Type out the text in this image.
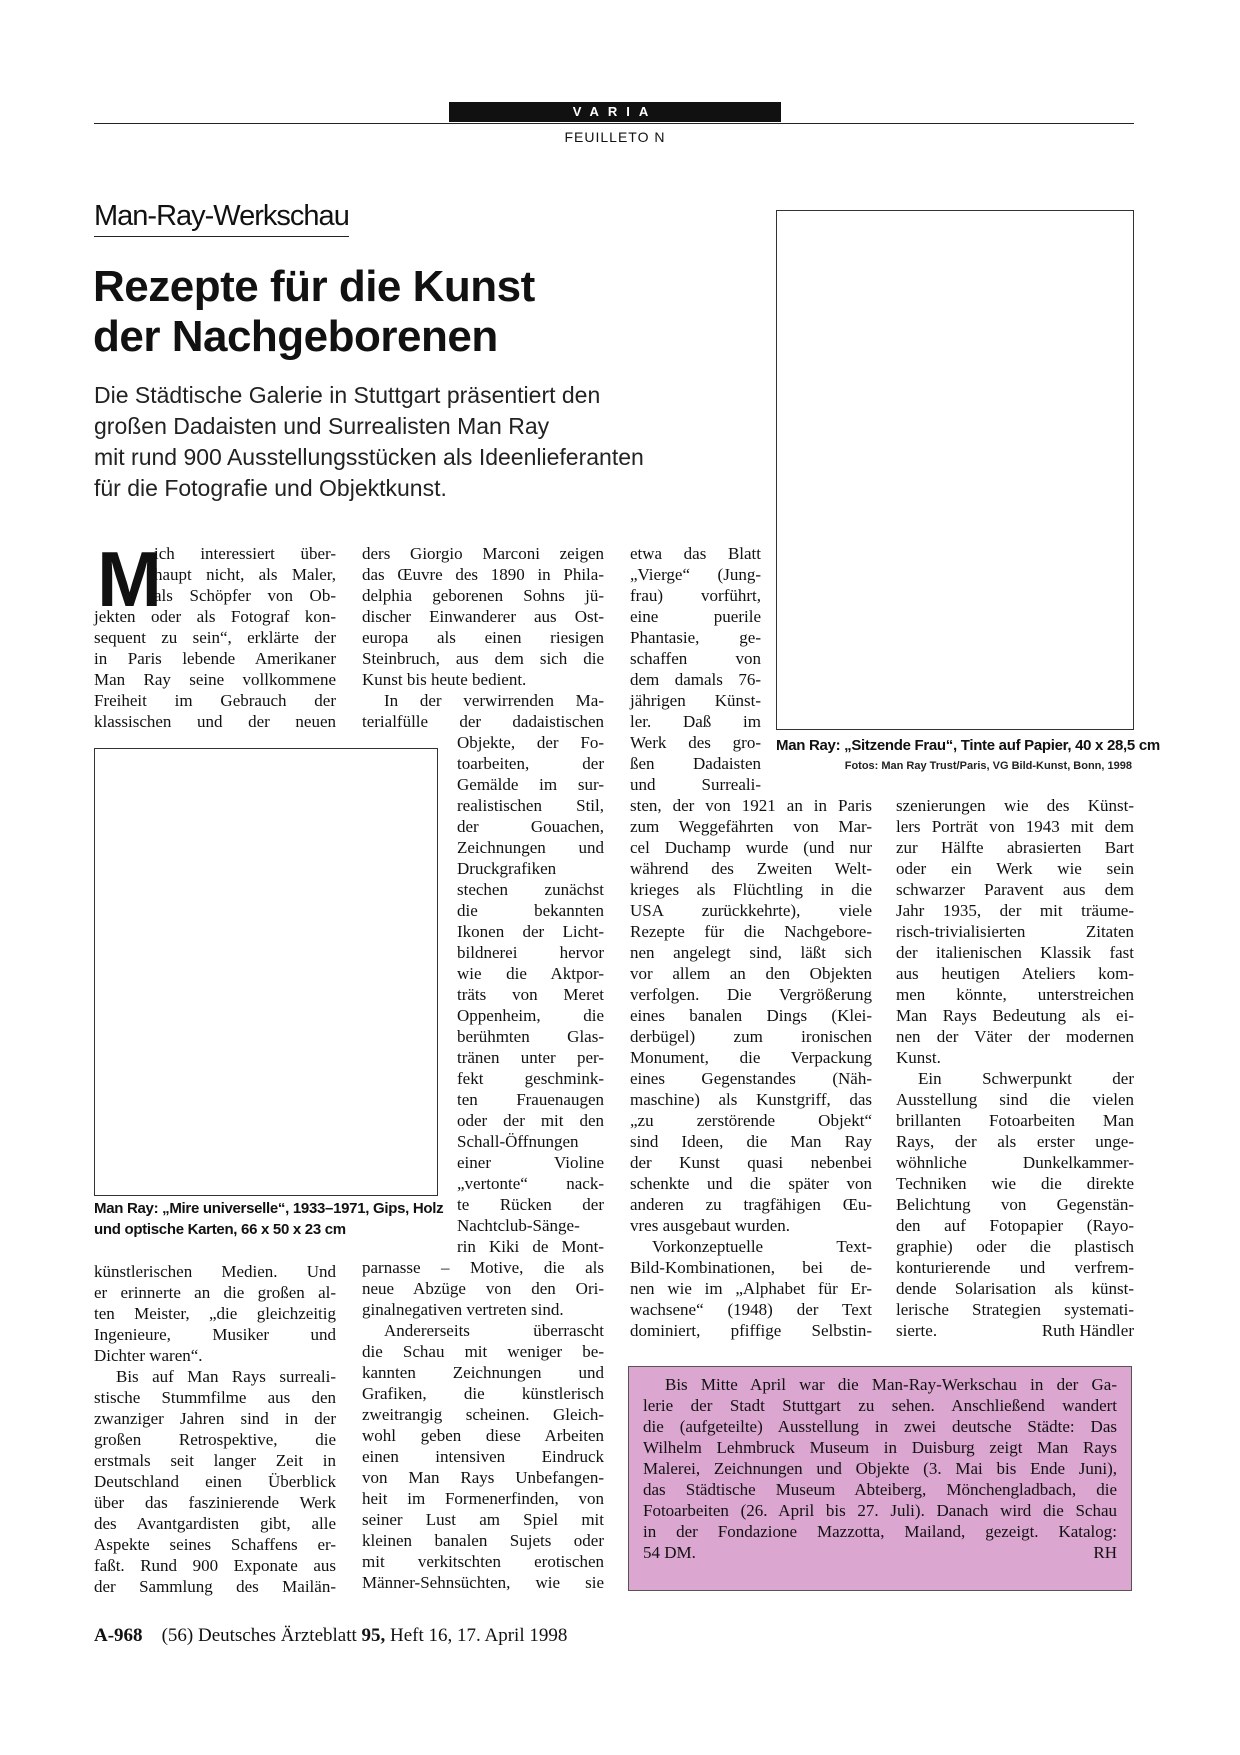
VARIA
FEUILLETO N
Man-Ray-Werkschau
Rezepte für die Kunst
der Nachgeborenen

Die Städtische Galerie in Stuttgart präsentiert den
großen Dadaisten und Surrealisten Man Ray
mit rund 900 Ausstellungsstücken als Ideenlieferanten
für die Fotografie und Objektkunst.

Man Ray: „Sitzende Frau“, Tinte auf Papier, 40 x 28,5 cm
Fotos: Man Ray Trust/Paris, VG Bild-Kunst, Bonn, 1998
Man Ray: „Mire universelle“, 1933–1971, Gips, Holz
und optische Karten, 66 x 50 x 23 cm
M
ich interessiert über-
haupt nicht, als Maler,
als Schöpfer von Ob-
jekten oder als Fotograf kon-
sequent zu sein“, erklärte der
in Paris lebende Amerikaner
Man Ray seine vollkommene
Freiheit im Gebrauch der
klassischen und der neuen
künstlerischen Medien. Und
er erinnerte an die großen al-
ten Meister, „die gleichzeitig
Ingenieure, Musiker und
Dichter waren“.
Bis auf Man Rays surreali-
stische Stummfilme aus den
zwanziger Jahren sind in der
großen Retrospektive, die
erstmals seit langer Zeit in
Deutschland einen Überblick
über das faszinierende Werk
des Avantgardisten gibt, alle
Aspekte seines Schaffens er-
faßt. Rund 900 Exponate aus
der Sammlung des Mailän-
ders Giorgio Marconi zeigen
das Œuvre des 1890 in Phila-
delphia geborenen Sohns jü-
discher Einwanderer aus Ost-
europa als einen riesigen
Steinbruch, aus dem sich die
Kunst bis heute bedient.
In der verwirrenden Ma-
terialfülle der dadaistischen
Objekte, der Fo-
toarbeiten, der
Gemälde im sur-
realistischen Stil,
der Gouachen,
Zeichnungen und
Druckgrafiken
stechen zunächst
die bekannten
Ikonen der Licht-
bildnerei hervor
wie die Aktpor-
träts von Meret
Oppenheim, die
berühmten Glas-
tränen unter per-
fekt geschmink-
ten Frauenaugen
oder der mit den
Schall-Öffnungen
einer Violine
„vertonte“ nack-
te Rücken der
Nachtclub-Sänge-
rin Kiki de Mont-
parnasse – Motive, die als
neue Abzüge von den Ori-
ginalnegativen vertreten sind.
Andererseits überrascht
die Schau mit weniger be-
kannten Zeichnungen und
Grafiken, die künstlerisch
zweitrangig scheinen. Gleich-
wohl geben diese Arbeiten
einen intensiven Eindruck
von Man Rays Unbefangen-
heit im Formenerfinden, von
seiner Lust am Spiel mit
kleinen banalen Sujets oder
mit verkitschten erotischen
Männer-Sehnsüchten, wie sie
etwa das Blatt
„Vierge“ (Jung-
frau) vorführt,
eine puerile
Phantasie, ge-
schaffen von
dem damals 76-
jährigen Künst-
ler. Daß im
Werk des gro-
ßen Dadaisten
und Surreali-
sten, der von 1921 an in Paris
zum Weggefährten von Mar-
cel Duchamp wurde (und nur
während des Zweiten Welt-
krieges als Flüchtling in die
USA zurückkehrte), viele
Rezepte für die Nachgebore-
nen angelegt sind, läßt sich
vor allem an den Objekten
verfolgen. Die Vergrößerung
eines banalen Dings (Klei-
derbügel) zum ironischen
Monument, die Verpackung
eines Gegenstandes (Näh-
maschine) als Kunstgriff, das
„zu zerstörende Objekt“
sind Ideen, die Man Ray
der Kunst quasi nebenbei
schenkte und die später von
anderen zu tragfähigen Œu-
vres ausgebaut wurden.
Vorkonzeptuelle Text-
Bild-Kombinationen, bei de-
nen wie im „Alphabet für Er-
wachsene“ (1948) der Text
dominiert, pfiffige Selbstin-
szenierungen wie des Künst-
lers Porträt von 1943 mit dem
zur Hälfte abrasierten Bart
oder ein Werk wie sein
schwarzer Paravent aus dem
Jahr 1935, der mit träume-
risch-trivialisierten Zitaten
der italienischen Klassik fast
aus heutigen Ateliers kom-
men könnte, unterstreichen
Man Rays Bedeutung als ei-
nen der Väter der modernen
Kunst.
Ein Schwerpunkt der
Ausstellung sind die vielen
brillanten Fotoarbeiten Man
Rays, der als erster unge-
wöhnliche Dunkelkammer-
Techniken wie die direkte
Belichtung von Gegenstän-
den auf Fotopapier (Rayo-
graphie) oder die plastisch
konturierende und verfrem-
dende Solarisation als künst-
lerische Strategien systemati-
sierte.	Ruth Händler
Bis Mitte April war die Man-Ray-Werkschau in der Ga-
lerie der Stadt Stuttgart zu sehen. Anschließend wandert
die (aufgeteilte) Ausstellung in zwei deutsche Städte: Das
Wilhelm Lehmbruck Museum in Duisburg zeigt Man Rays
Malerei, Zeichnungen und Objekte (3. Mai bis Ende Juni),
das Städtische Museum Abteiberg, Mönchengladbach, die
Fotoarbeiten (26. April bis 27. Juli). Danach wird die Schau
in der Fondazione Mazzotta, Mailand, gezeigt. Katalog:
54 DM.	RH
A-968 (56) Deutsches Ärzteblatt 95, Heft 16, 17. April 1998
